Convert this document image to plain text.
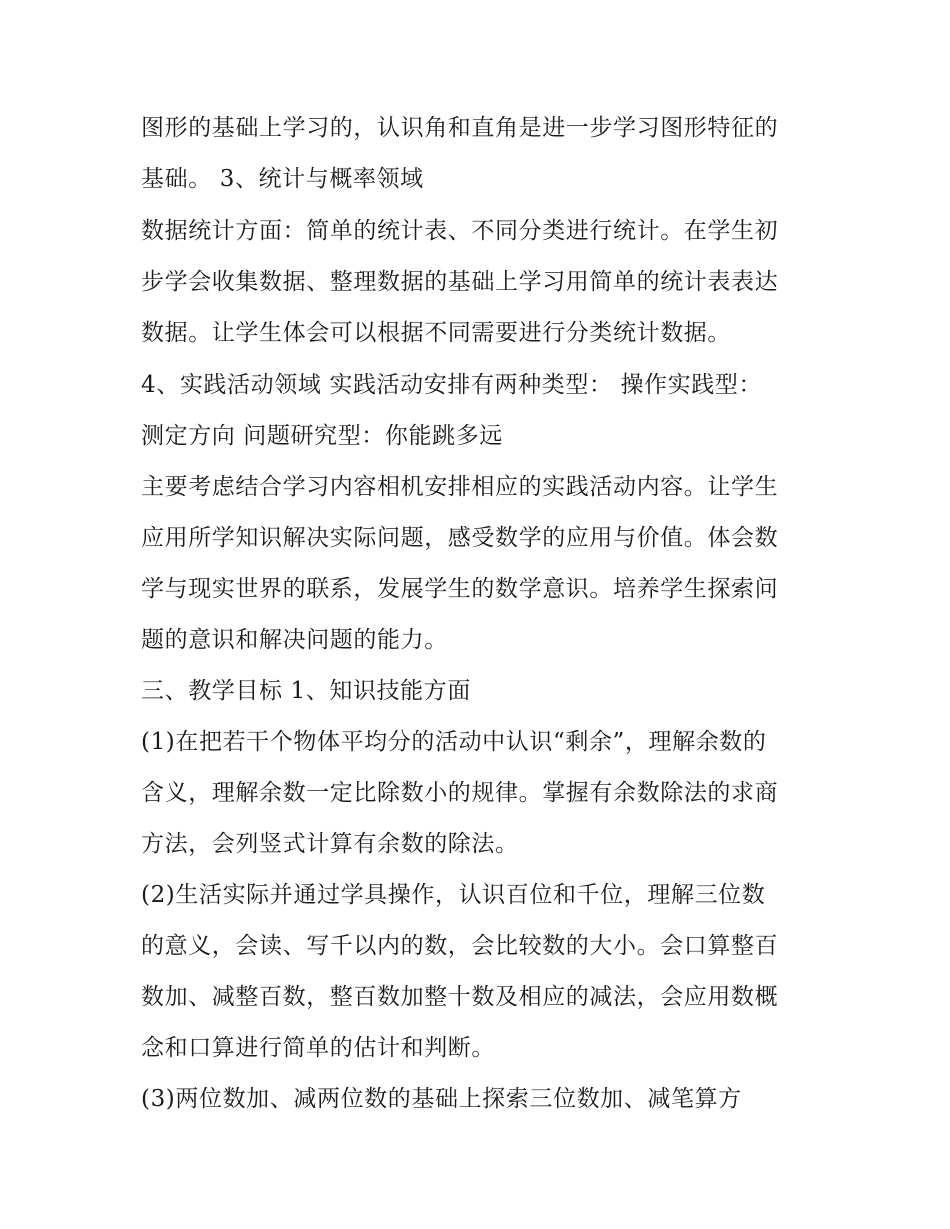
图形的基础上学习的，认识角和直角是进一步学习图形特征的
基础。 3、统计与概率领域
数据统计方面：简单的统计表、不同分类进行统计。在学生初
步学会收集数据、整理数据的基础上学习用简单的统计表表达
数据。让学生体会可以根据不同需要进行分类统计数据。
4、实践活动领域 实践活动安排有两种类型： 操作实践型：
测定方向 问题研究型：你能跳多远
主要考虑结合学习内容相机安排相应的实践活动内容。让学生
应用所学知识解决实际问题，感受数学的应用与价值。体会数
学与现实世界的联系，发展学生的数学意识。培养学生探索问
题的意识和解决问题的能力。
三、教学目标 1、知识技能方面
(1)在把若干个物体平均分的活动中认识“剩余”，理解余数的
含义，理解余数一定比除数小的规律。掌握有余数除法的求商
方法，会列竖式计算有余数的除法。
(2)生活实际并通过学具操作，认识百位和千位，理解三位数
的意义，会读、写千以内的数，会比较数的大小。会口算整百
数加、减整百数，整百数加整十数及相应的减法，会应用数概
念和口算进行简单的估计和判断。
(3)两位数加、减两位数的基础上探索三位数加、减笔算方
